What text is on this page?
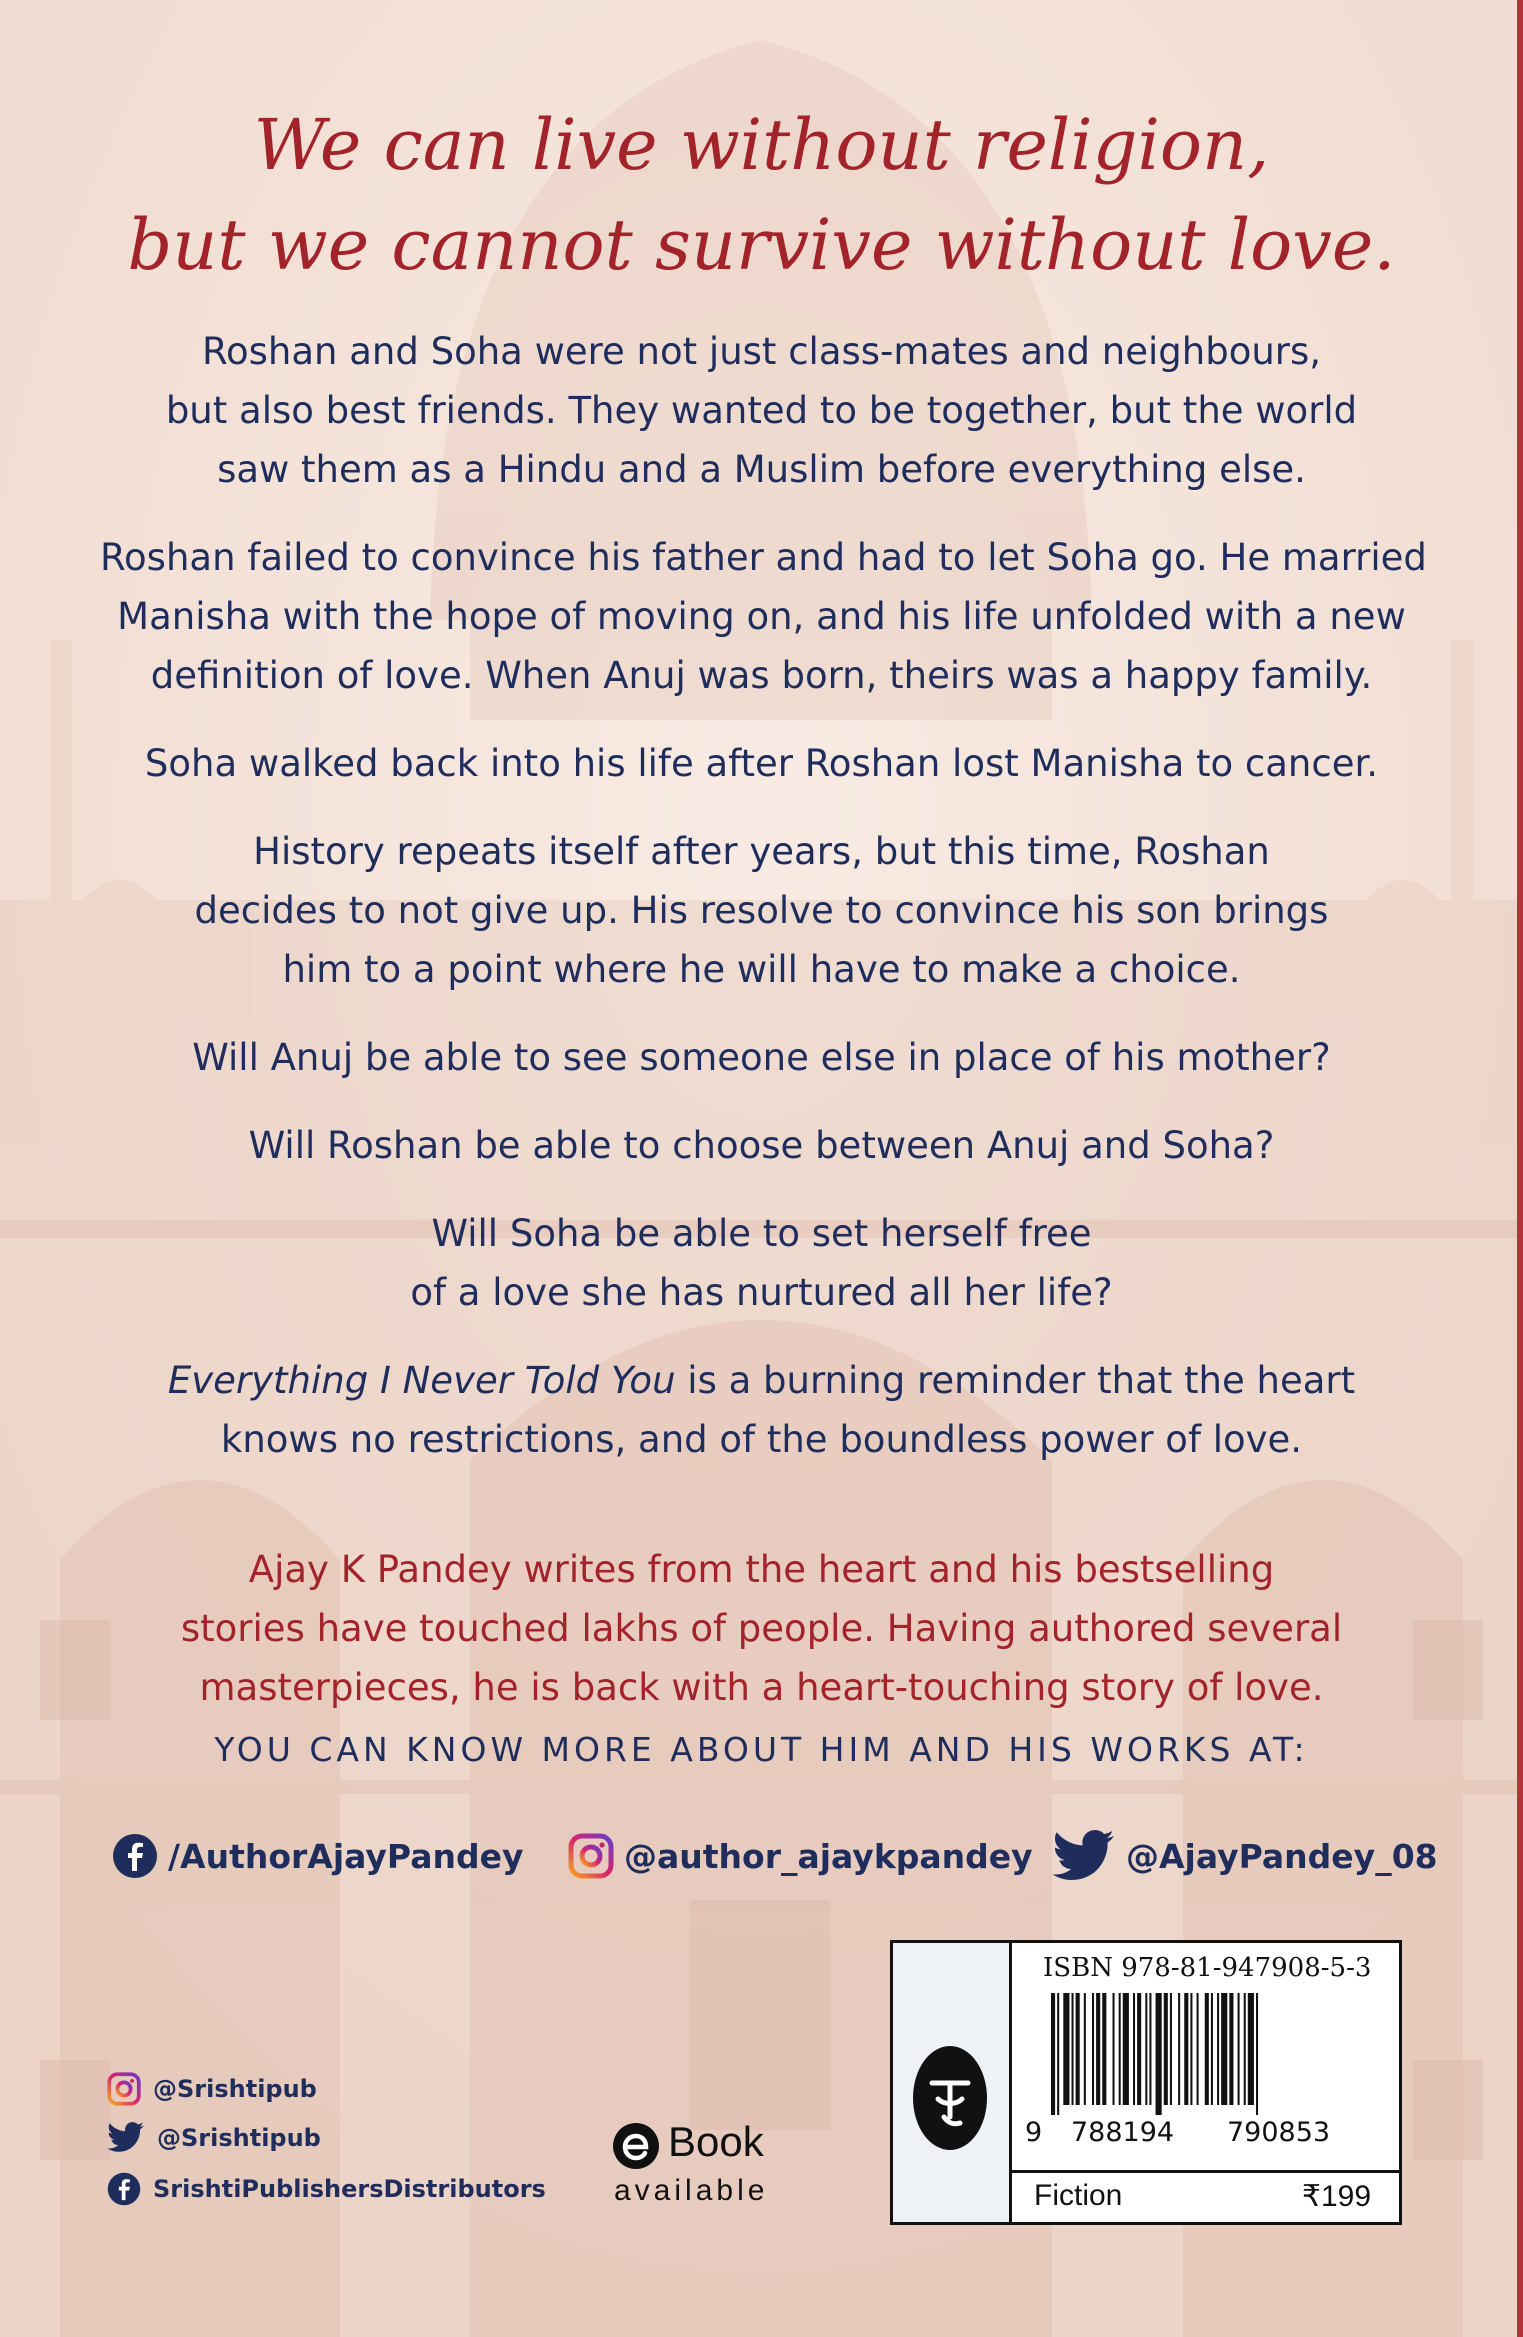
We can live without religion,
but we cannot survive without love.

Roshan and Soha were not just class-mates and neighbours,
but also best friends. They wanted to be together, but the world
saw them as a Hindu and a Muslim before everything else.

Roshan failed to convince his father and had to let Soha go. He married
Manisha with the hope of moving on, and his life unfolded with a new
definition of love. When Anuj was born, theirs was a happy family.

Soha walked back into his life after Roshan lost Manisha to cancer.

History repeats itself after years, but this time, Roshan
decides to not give up. His resolve to convince his son brings
him to a point where he will have to make a choice.

Will Anuj be able to see someone else in place of his mother?

Will Roshan be able to choose between Anuj and Soha?

Will Soha be able to set herself free
of a love she has nurtured all her life?

Everything I Never Told You is a burning reminder that the heart
knows no restrictions, and of the boundless power of love.

Ajay K Pandey writes from the heart and his bestselling
stories have touched lakhs of people. Having authored several
masterpieces, he is back with a heart-touching story of love.
YOU CAN KNOW MORE ABOUT HIM AND HIS WORKS AT:
/AuthorAjayPandey	@author_ajaykpandey	@AjayPandey_08
@Srishtipub
@Srishtipub
SrishtiPublishersDistributors
Book
available
ISBN 978-81-947908-5-3
9 788194 790853
Fiction	₹199
